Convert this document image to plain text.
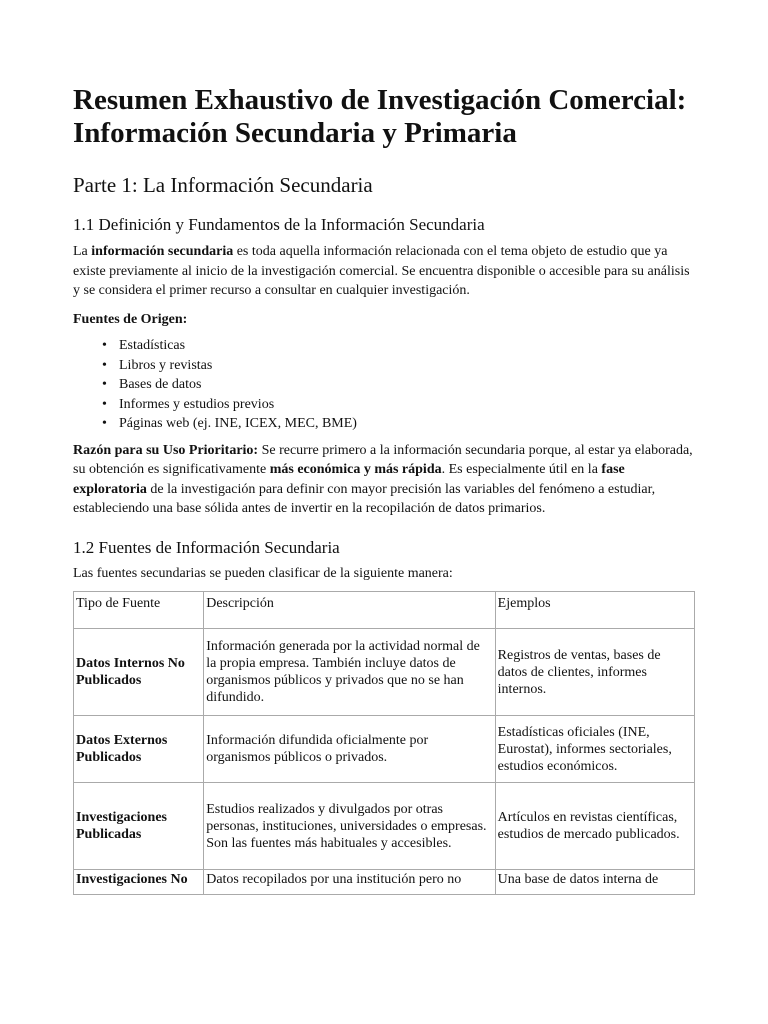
Resumen Exhaustivo de Investigación Comercial: Información Secundaria y Primaria
Parte 1: La Información Secundaria
1.1 Definición y Fundamentos de la Información Secundaria

La información secundaria es toda aquella información relacionada con el tema objeto de estudio que ya existe previamente al inicio de la investigación comercial. Se encuentra disponible o accesible para su análisis y se considera el primer recurso a consultar en cualquier investigación.

Fuentes de Origen:
• Estadísticas
• Libros y revistas
• Bases de datos
• Informes y estudios previos
• Páginas web (ej. INE, ICEX, MEC, BME)

Razón para su Uso Prioritario: Se recurre primero a la información secundaria porque, al estar ya elaborada, su obtención es significativamente más económica y más rápida. Es especialmente útil en la fase exploratoria de la investigación para definir con mayor precisión las variables del fenómeno a estudiar, estableciendo una base sólida antes de invertir en la recopilación de datos primarios.

1.2 Fuentes de Información Secundaria

Las fuentes secundarias se pueden clasificar de la siguiente manera:

Tipo de Fuente	Descripción	Ejemplos
Datos Internos No Publicados	Información generada por la actividad normal de la propia empresa. También incluye datos de organismos públicos y privados que no se han difundido.	Registros de ventas, bases de datos de clientes, informes internos.
Datos Externos Publicados	Información difundida oficialmente por organismos públicos o privados.	Estadísticas oficiales (INE, Eurostat), informes sectoriales, estudios económicos.
Investigaciones Publicadas	Estudios realizados y divulgados por otras personas, instituciones, universidades o empresas. Son las fuentes más habituales y accesibles.	Artículos en revistas científicas, estudios de mercado publicados.
Investigaciones No	Datos recopilados por una institución pero no	Una base de datos interna de
